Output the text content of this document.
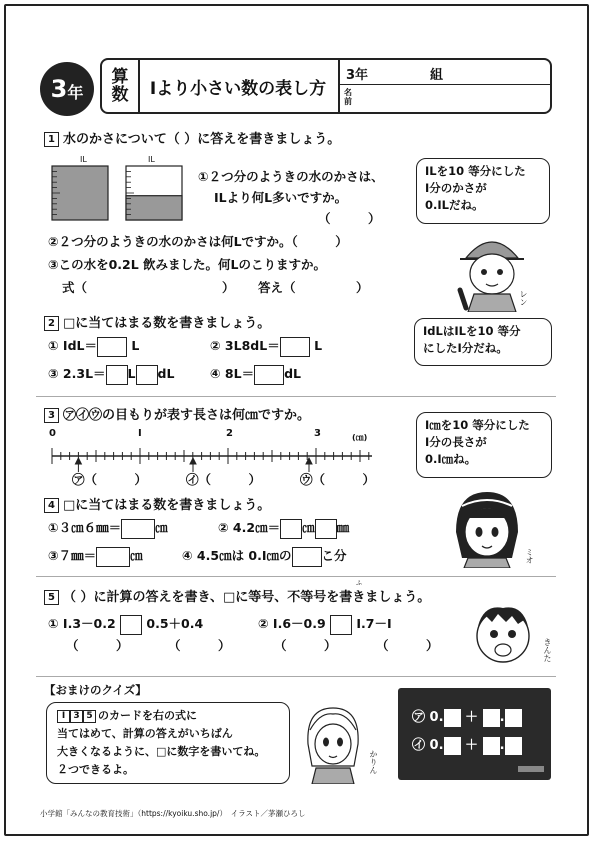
3 年
算
数	Ⅰより小さい数の表し方
3年	組
名
前
1 水のかさについて（ ）に答えを書きましょう。
ⅠL	ⅠL
①２つ分のようきの水のかさは、
ⅠLより何L多いですか。
（　　　）
②２つ分のようきの水のかさは何Lですか。（　　　）
③この水を0.2L 飲みました。何Lのこりますか。
式（	） 答え（	）
ⅠLを10 等分にした
Ⅰ分のかさが
0.ⅠLだね。
レン
2 □に当てはまる数を書きましょう。
① ⅠdL＝	L	② 3L8dL＝	L
③ 2.3L＝ L dL	④ 8L＝ dL
ⅠdLはⅠLを10 等分
にしたⅠ分だね。
3 ㋐㋑㋒の目もりが表す長さは何㎝ですか。
0	Ⅰ	2	3	(㎝)
㋐（　　　）	㋑（　　　）	㋒（　　　）
Ⅰ㎝を10 等分にした
Ⅰ分の長さが
0.Ⅰ㎝ね。
ミオ
4 □に当てはまる数を書きましょう。
①３㎝６㎜＝	㎝	② 4.2㎝＝ ㎝ ㎜
③７㎜＝	㎝	④ 4.5㎝は 0.Ⅰ㎝の こ分
ふ
5 （ ）に計算の答えを書き、□に等号、不等号を書きましょう。
① Ⅰ.3－0.2 0.5＋0.4	② Ⅰ.6－0.9 Ⅰ.7－Ⅰ
（　　　）	（　　　）	（　　　）	（　　　）	きんた
【おまけのクイズ】
Ⅰ 3 5 のカードを右の式に
当てはめて、計算の答えがいちばん
大きくなるように、□に数字を書いてね。
２つできるよ。	かりん
㋐ 0. ＋ .
㋑ 0. ＋ .
小学館「みんなの教育技術」（https://kyoiku.sho.jp/）　イラスト／茅瀬ひろし
